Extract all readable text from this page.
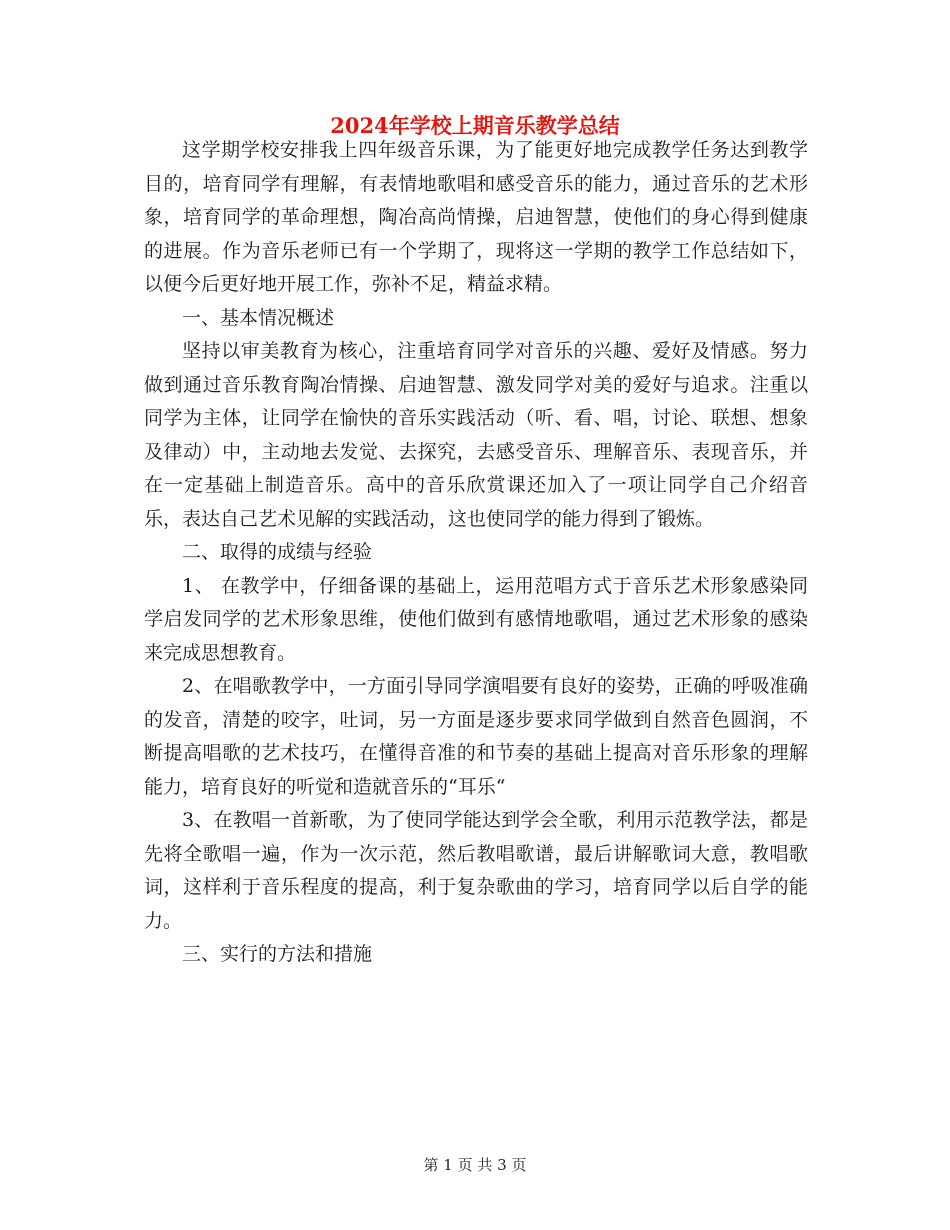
2024年学校上期音乐教学总结

这学期学校安排我上四年级音乐课，为了能更好地完成教学任务达到教学目的，培育同学有理解，有表情地歌唱和感受音乐的能力，通过音乐的艺术形象，培育同学的革命理想，陶冶高尚情操，启迪智慧，使他们的身心得到健康的进展。作为音乐老师已有一个学期了，现将这一学期的教学工作总结如下，以便今后更好地开展工作，弥补不足，精益求精。

一、基本情况概述

坚持以审美教育为核心，注重培育同学对音乐的兴趣、爱好及情感。努力做到通过音乐教育陶冶情操、启迪智慧、激发同学对美的爱好与追求。注重以同学为主体，让同学在愉快的音乐实践活动（听、看、唱，讨论、联想、想象及律动）中，主动地去发觉、去探究，去感受音乐、理解音乐、表现音乐，并在一定基础上制造音乐。高中的音乐欣赏课还加入了一项让同学自己介绍音乐，表达自己艺术见解的实践活动，这也使同学的能力得到了锻炼。

二、取得的成绩与经验

1、 在教学中，仔细备课的基础上，运用范唱方式于音乐艺术形象感染同学启发同学的艺术形象思维，使他们做到有感情地歌唱，通过艺术形象的感染来完成思想教育。

2、在唱歌教学中，一方面引导同学演唱要有良好的姿势，正确的呼吸准确的发音，清楚的咬字，吐词，另一方面是逐步要求同学做到自然音色圆润，不断提高唱歌的艺术技巧，在懂得音准的和节奏的基础上提高对音乐形象的理解能力，培育良好的听觉和造就音乐的“耳乐“

3、在教唱一首新歌，为了使同学能达到学会全歌，利用示范教学法，都是先将全歌唱一遍，作为一次示范，然后教唱歌谱，最后讲解歌词大意，教唱歌词，这样利于音乐程度的提高，利于复杂歌曲的学习，培育同学以后自学的能力。

三、实行的方法和措施

第 1 页 共 3 页
